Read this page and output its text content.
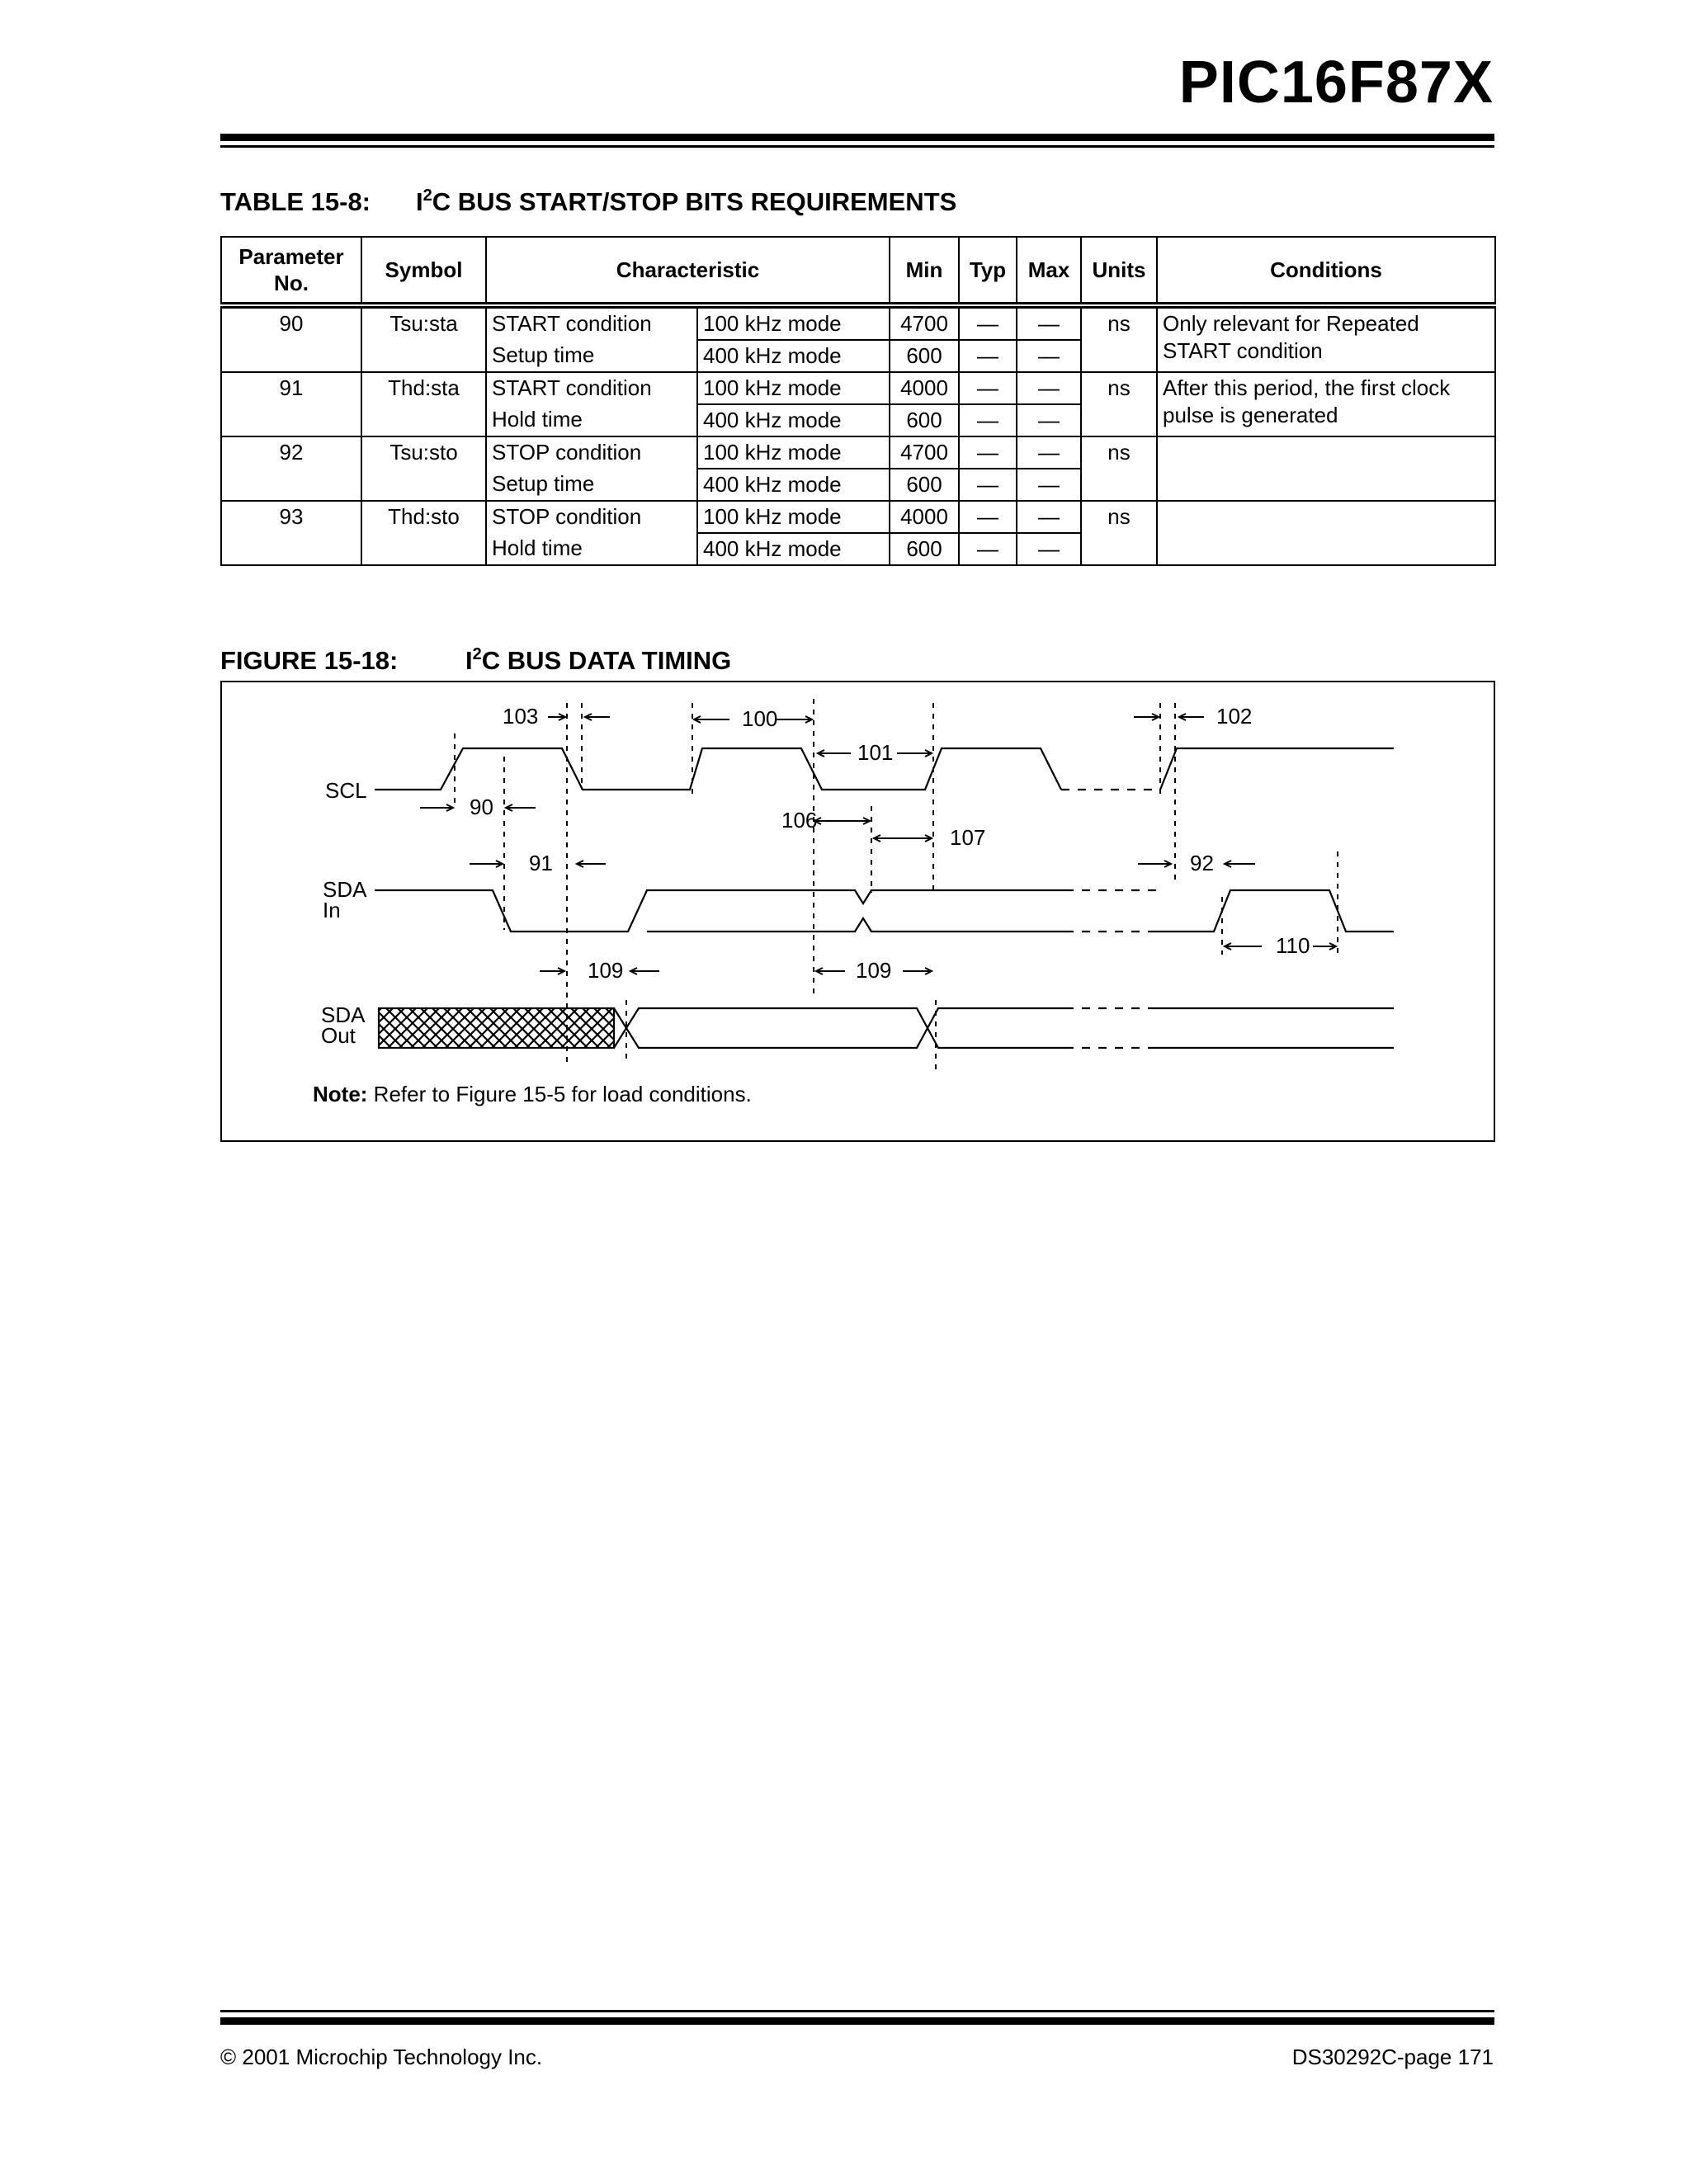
PIC16F87X

TABLE 15-8: $I^2C$ BUS START/STOP BITS REQUIREMENTS

Parameter
No.	Symbol	Characteristic		Min	Typ	Max	Units	Conditions
90	Tsu:sta	START condition	100 kHz mode	4700	—	—	ns	Only relevant for Repeated START condition
		Setup time	400 kHz mode	600	—	—		
91	Thd:sta	START condition	100 kHz mode	4000	—	—	ns	After this period, the first clock pulse is generated
		Hold time	400 kHz mode	600	—	—		
92	Tsu:sto	STOP condition	100 kHz mode	4700	—	—	ns	
		Setup time	400 kHz mode	600	—	—		
93	Thd:sto	STOP condition	100 kHz mode	4000	—	—	ns	
		Hold time	400 kHz mode	600	—	—		

FIGURE 15-18:	$I^2C$ BUS DATA TIMING

SCL
SDA
In
SDA
Out
103	100	102
101
90
106
107
91	92
110
109	109

Note: Refer to Figure 15-5 for load conditions.

© 2001 Microchip Technology Inc.	DS30292C-page 171
